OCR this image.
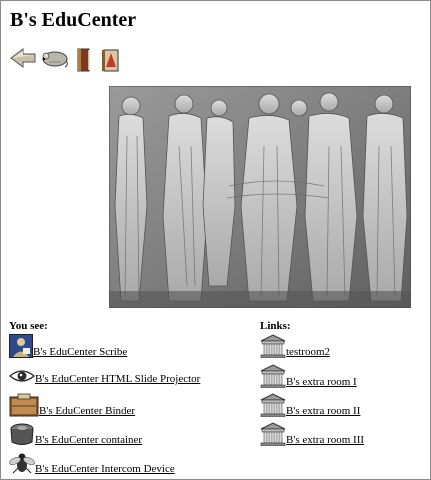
B's EduCenter
You see:
B's EduCenter Scribe
B's EduCenter HTML Slide Projector
B's EduCenter Binder
B's EduCenter container
B's EduCenter Intercom Device
Links:
testroom2
B's extra room I
B's extra room II
B's extra room III
